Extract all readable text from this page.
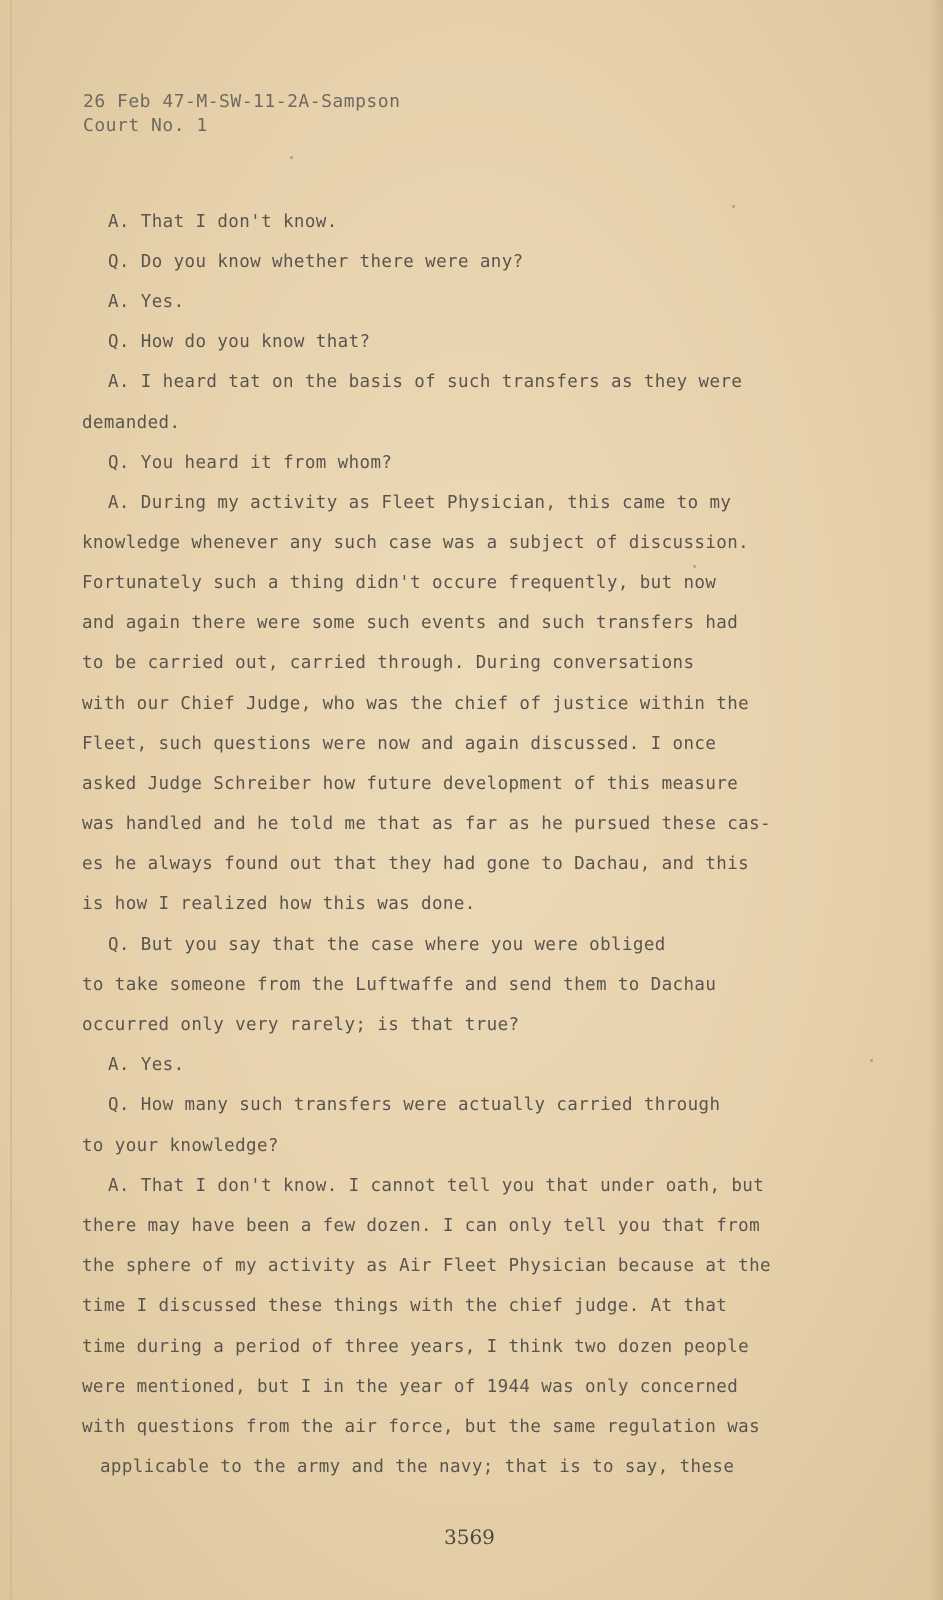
26 Feb 47-M-SW-11-2A-Sampson
Court No. 1

A. That I don't know.

Q. Do you know whether there were any?

A. Yes.

Q. How do you know that?

A. I heard tat on the basis of such transfers as they were

demanded.

Q. You heard it from whom?

A. During my activity as Fleet Physician, this came to my

knowledge whenever any such case was a subject of discussion.

Fortunately such a thing didn't occure frequently, but now

and again there were some such events and such transfers had

to be carried out, carried through. During conversations

with our Chief Judge, who was the chief of justice within the

Fleet, such questions were now and again discussed. I once

asked Judge Schreiber how future development of this measure

was handled and he told me that as far as he pursued these cas-

es he always found out that they had gone to Dachau, and this

is how I realized how this was done.

Q. But you say that the case where you were obliged

to take someone from the Luftwaffe and send them to Dachau

occurred only very rarely; is that true?

A. Yes.

Q. How many such transfers were actually carried through

to your knowledge?

A. That I don't know. I cannot tell you that under oath, but

there may have been a few dozen. I can only tell you that from

the sphere of my activity as Air Fleet Physician because at the

time I discussed these things with the chief judge. At that

time during a period of three years, I think two dozen people

were mentioned, but I in the year of 1944 was only concerned

with questions from the air force, but the same regulation was

applicable to the army and the navy; that is to say, these

3569
